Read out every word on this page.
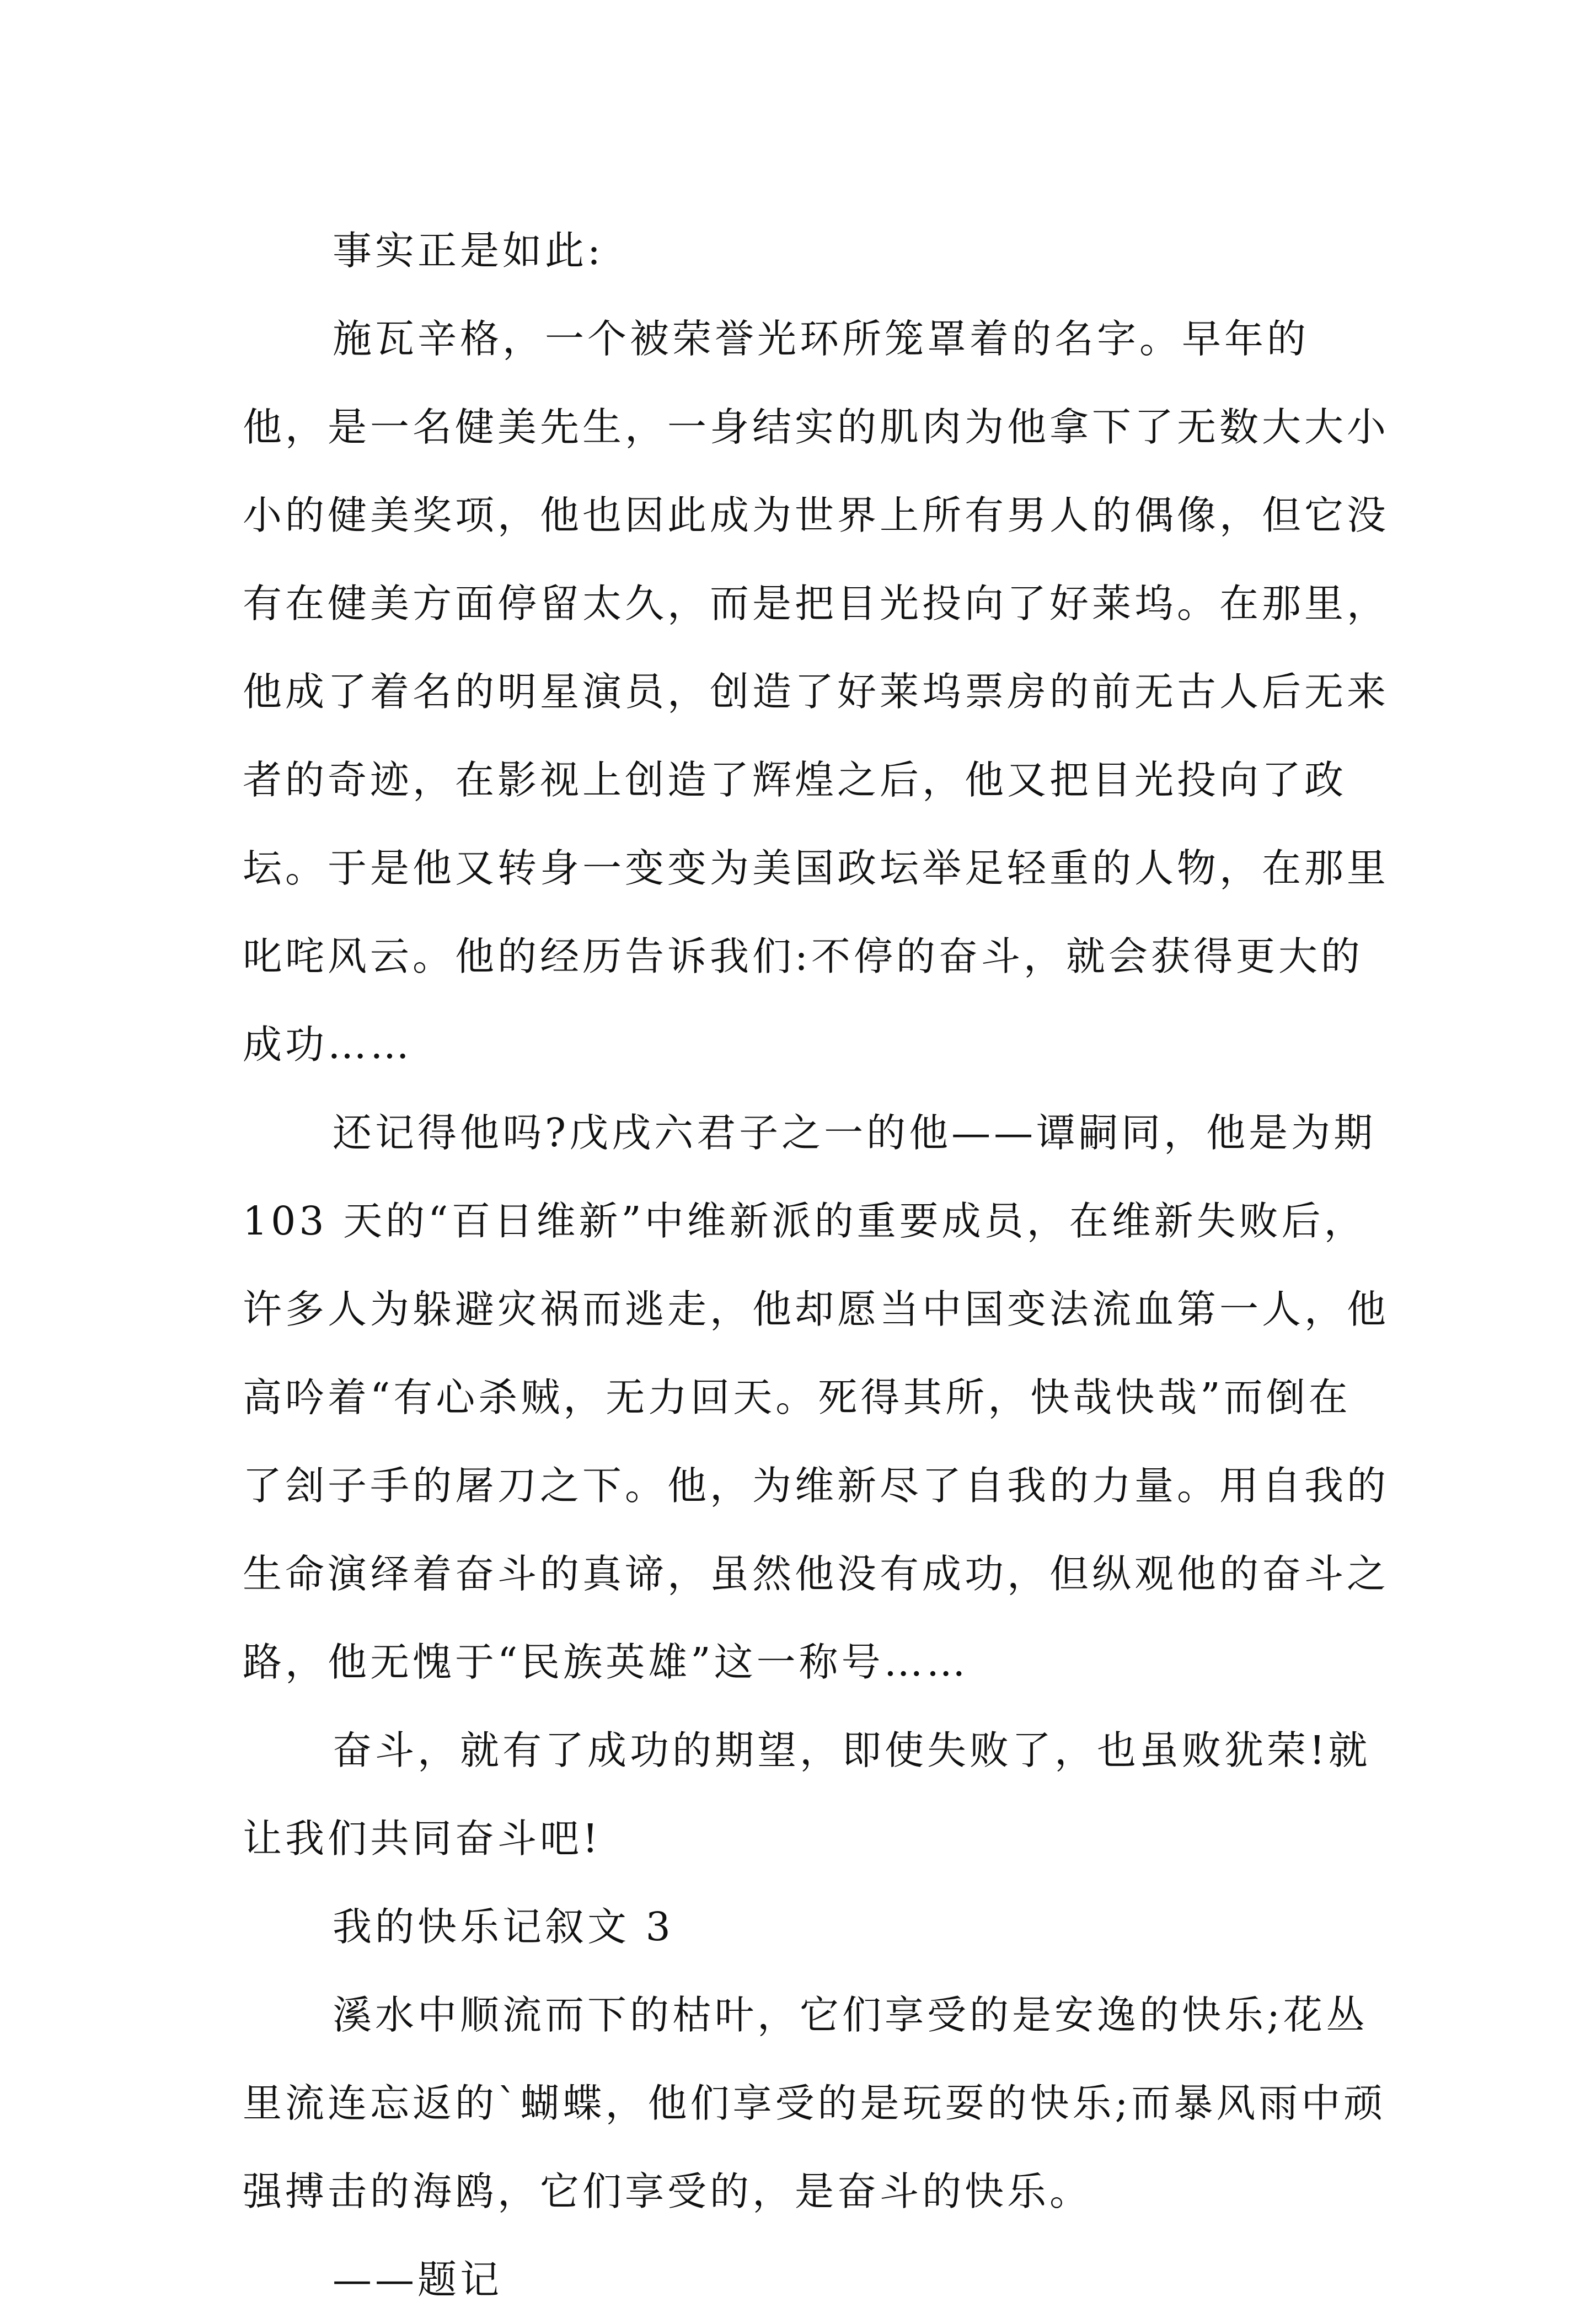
事实正是如此:

施瓦辛格，一个被荣誉光环所笼罩着的名字。早年的他，是一名健美先生，一身结实的肌肉为他拿下了无数大大小小的健美奖项，他也因此成为世界上所有男人的偶像，但它没有在健美方面停留太久，而是把目光投向了好莱坞。在那里，他成了着名的明星演员，创造了好莱坞票房的前无古人后无来者的奇迹，在影视上创造了辉煌之后，他又把目光投向了政坛。于是他又转身一变变为美国政坛举足轻重的人物，在那里叱咤风云。他的经历告诉我们:不停的奋斗，就会获得更大的成功……

还记得他吗?戊戌六君子之一的他——谭嗣同，他是为期 103 天的“百日维新”中维新派的重要成员，在维新失败后，许多人为躲避灾祸而逃走，他却愿当中国变法流血第一人，他高吟着“有心杀贼，无力回天。死得其所，快哉快哉”而倒在了刽子手的屠刀之下。他，为维新尽了自我的力量。用自我的生命演绎着奋斗的真谛，虽然他没有成功，但纵观他的奋斗之路，他无愧于“民族英雄”这一称号……

奋斗，就有了成功的期望，即使失败了，也虽败犹荣!就让我们共同奋斗吧!

我的快乐记叙文 3

溪水中顺流而下的枯叶，它们享受的是安逸的快乐;花丛里流连忘返的`蝴蝶，他们享受的是玩耍的快乐;而暴风雨中顽强搏击的海鸥，它们享受的，是奋斗的快乐。

——题记
